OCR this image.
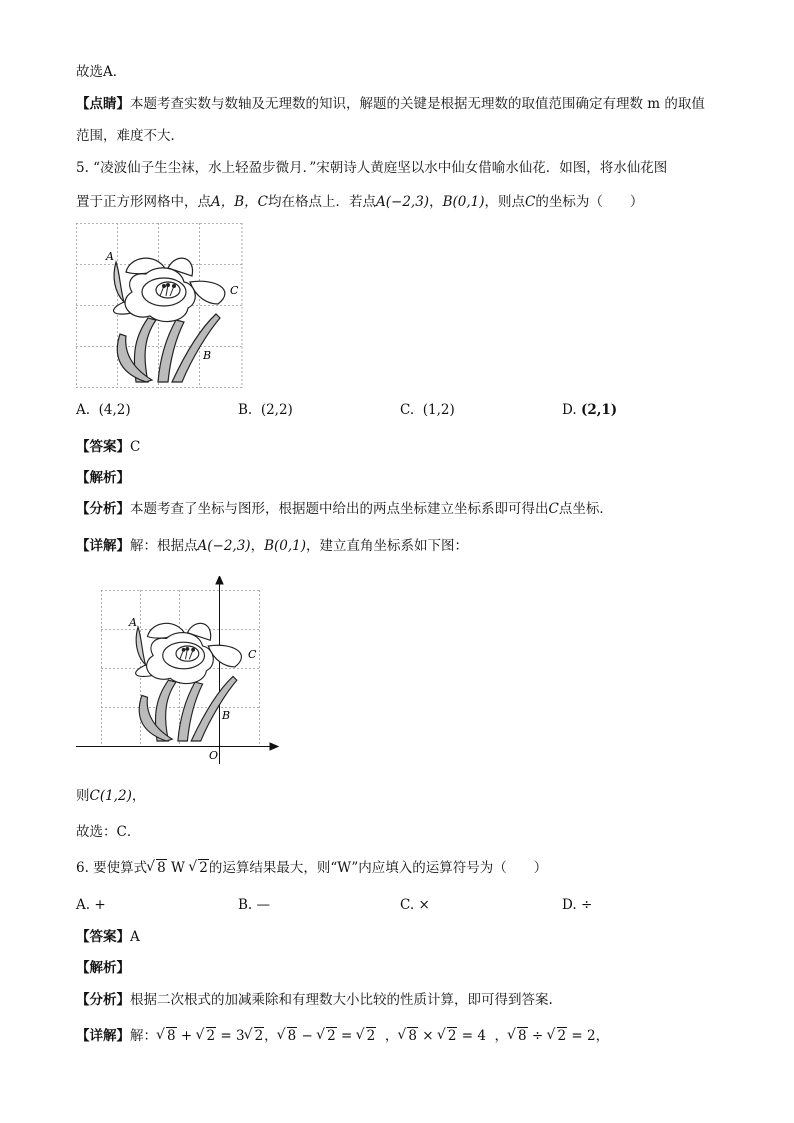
故选A．
【点睛】本题考查实数与数轴及无理数的知识，解题的关键是根据无理数的取值范围确定有理数 m 的取值
范围，难度不大．
5. “凌波仙子生尘袜，水上轻盈步微月．”宋朝诗人黄庭坚以水中仙女借喻水仙花．如图，将水仙花图
置于正方形网格中，点A，B，C均在格点上．若点A(−2,3)，B(0,1)，则点C的坐标为（　　）
A
C
B
A. (4,2)	B. (2,2)	C. (1,2)	D. (2,1)
【答案】C
【解析】
【分析】本题考查了坐标与图形，根据题中给出的两点坐标建立坐标系即可得出C点坐标．
【详解】解：根据点A(−2,3)，B(0,1)，建立直角坐标系如下图：
A
C
B
O
则C(1,2)，
故选：C．
6. 要使算式 √ 8 W √ 2的运算结果最大，则“W”内应填入的运算符号为（　　）
A. +	B. —	C. ×	D. ÷
【答案】A
【解析】
【分析】根据二次根式的加减乘除和有理数大小比较的性质计算，即可得到答案.
【详解】解： √ 8 + √ 2 = 3 √ 2， √ 8 − √ 2 = √ 2  ， √ 8 × √ 2 = 4  ， √ 8 ÷ √ 2 = 2，
